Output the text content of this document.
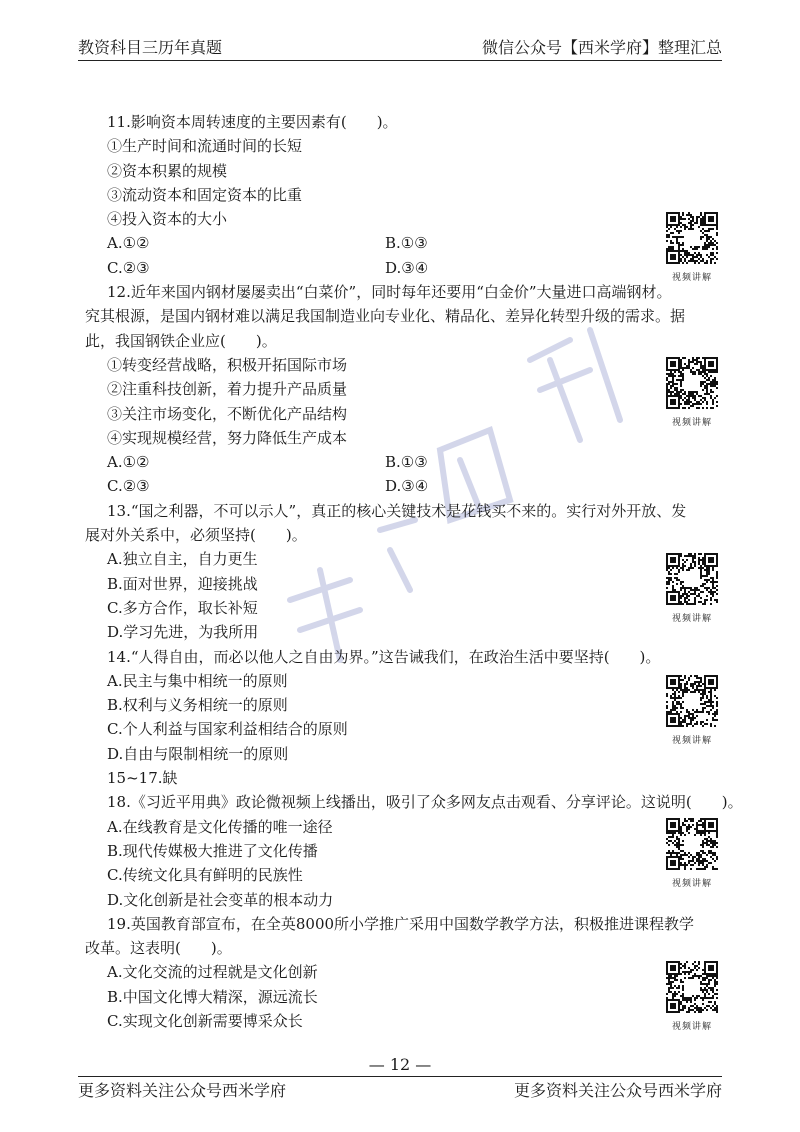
教资科目三历年真题	微信公众号【西米学府】整理汇总
11.影响资本周转速度的主要因素有(　　)。
①生产时间和流通时间的长短
②资本积累的规模
③流动资本和固定资本的比重
④投入资本的大小
A.①②	B.①③
C.②③	D.③④
12.近年来国内钢材屡屡卖出“白菜价”，同时每年还要用“白金价”大量进口高端钢材。
究其根源，是国内钢材难以满足我国制造业向专业化、精品化、差异化转型升级的需求。据
此，我国钢铁企业应(　　)。
①转变经营战略，积极开拓国际市场
②注重科技创新，着力提升产品质量
③关注市场变化，不断优化产品结构
④实现规模经营，努力降低生产成本
A.①②	B.①③
C.②③	D.③④
13.“国之利器，不可以示人”，真正的核心关键技术是花钱买不来的。实行对外开放、发
展对外关系中，必须坚持(　　)。
A.独立自主，自力更生
B.面对世界，迎接挑战
C.多方合作，取长补短
D.学习先进，为我所用
14.“人得自由，而必以他人之自由为界。”这告诫我们，在政治生活中要坚持(　　)。
A.民主与集中相统一的原则
B.权利与义务相统一的原则
C.个人利益与国家利益相结合的原则
D.自由与限制相统一的原则
15~17.缺
18.《习近平用典》政论微视频上线播出，吸引了众多网友点击观看、分享评论。这说明(　　)。
A.在线教育是文化传播的唯一途径
B.现代传媒极大推进了文化传播
C.传统文化具有鲜明的民族性
D.文化创新是社会变革的根本动力
19.英国教育部宣布，在全英8000所小学推广采用中国数学教学方法，积极推进课程教学
改革。这表明(　　)。
A.文化交流的过程就是文化创新
B.中国文化博大精深，源远流长
C.实现文化创新需要博采众长
视频讲解
视频讲解
视频讲解
视频讲解
视频讲解
视频讲解
— 12 —
更多资料关注公众号西米学府	更多资料关注公众号西米学府
